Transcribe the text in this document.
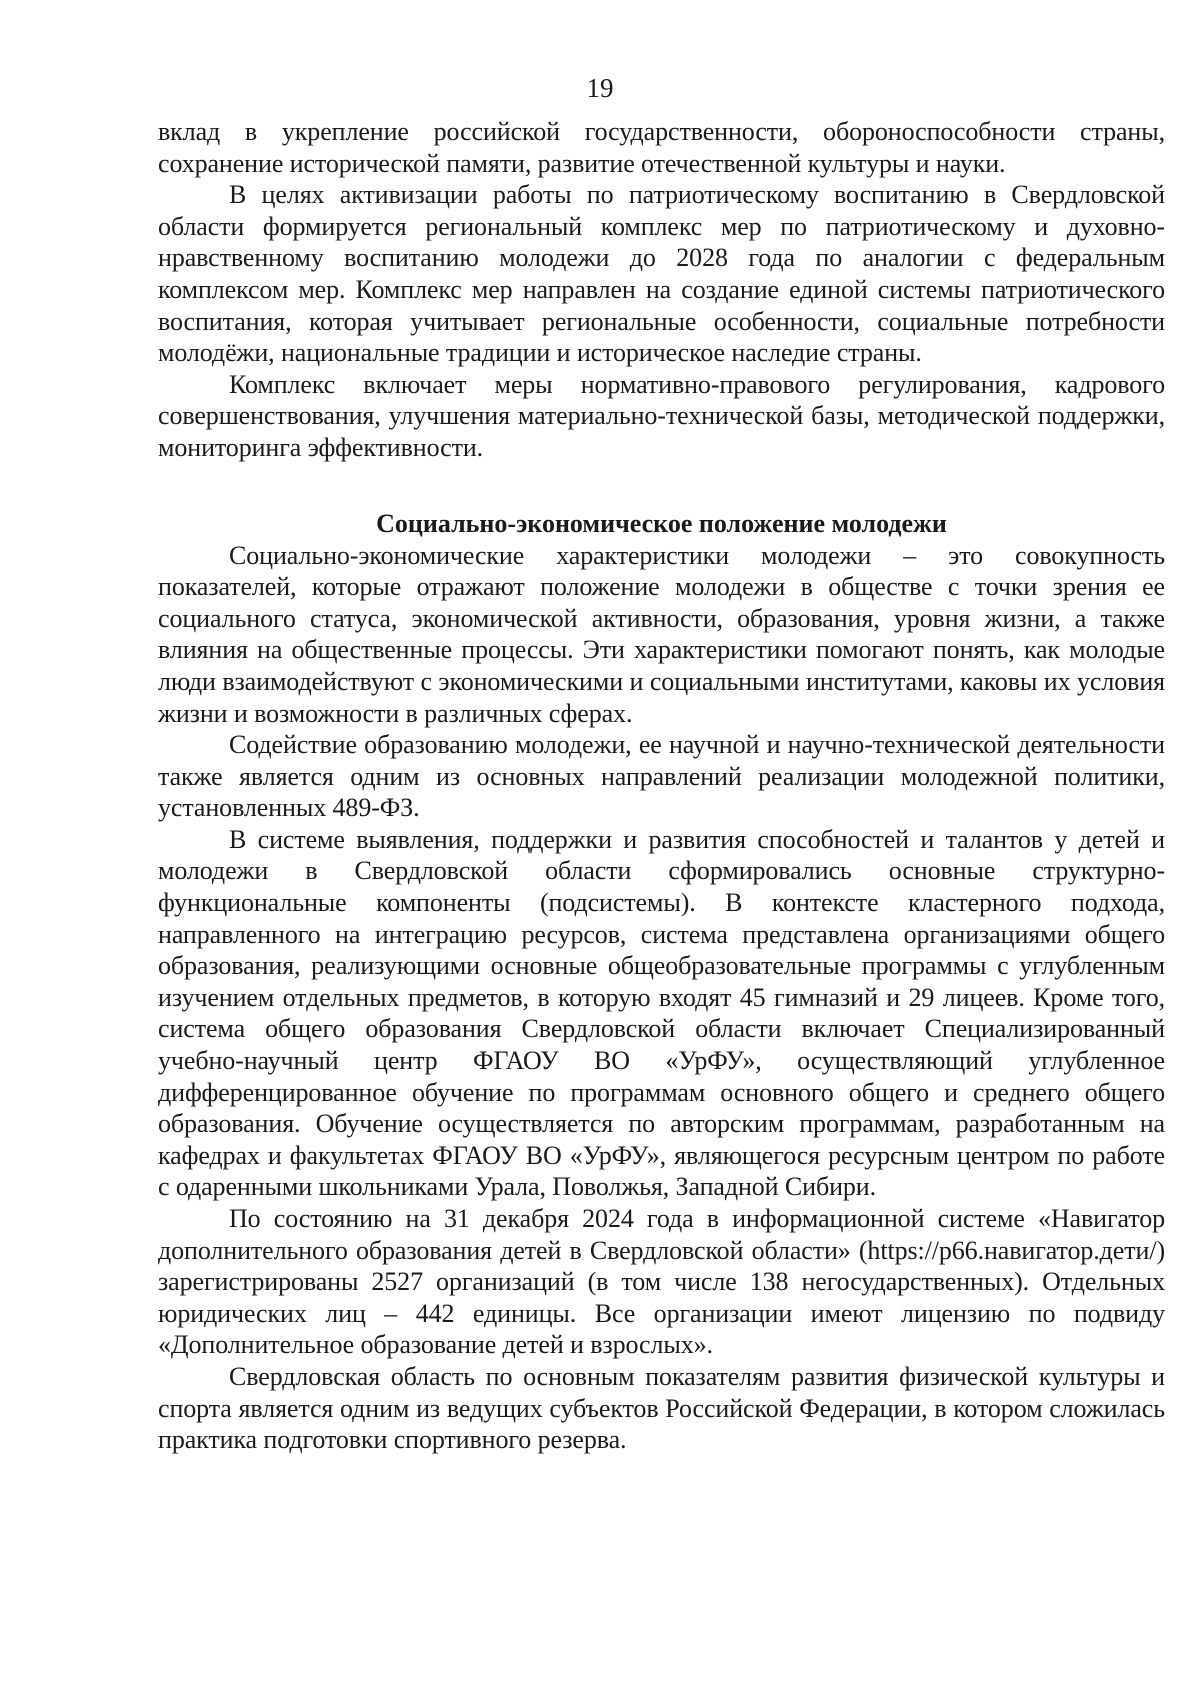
19

вклад в укрепление российской государственности, обороноспособности страны, сохранение исторической памяти, развитие отечественной культуры и науки.

В целях активизации работы по патриотическому воспитанию в Свердловской области формируется региональный комплекс мер по патриотическому и духовно-нравственному воспитанию молодежи до 2028 года по аналогии с федеральным комплексом мер. Комплекс мер направлен на создание единой системы патриотического воспитания, которая учитывает региональные особенности, социальные потребности молодёжи, национальные традиции и историческое наследие страны.

Комплекс включает меры нормативно-правового регулирования, кадрового совершенствования, улучшения материально-технической базы, методической поддержки, мониторинга эффективности.

Социально-экономическое положение молодежи

Социально-экономические характеристики молодежи – это совокупность показателей, которые отражают положение молодежи в обществе с точки зрения ее социального статуса, экономической активности, образования, уровня жизни, а также влияния на общественные процессы. Эти характеристики помогают понять, как молодые люди взаимодействуют с экономическими и социальными институтами, каковы их условия жизни и возможности в различных сферах.

Содействие образованию молодежи, ее научной и научно-технической деятельности также является одним из основных направлений реализации молодежной политики, установленных 489-ФЗ.

В системе выявления, поддержки и развития способностей и талантов у детей и молодежи в Свердловской области сформировались основные структурно-функциональные компоненты (подсистемы). В контексте кластерного подхода, направленного на интеграцию ресурсов, система представлена организациями общего образования, реализующими основные общеобразовательные программы с углубленным изучением отдельных предметов, в которую входят 45 гимназий и 29 лицеев. Кроме того, система общего образования Свердловской области включает Специализированный учебно-научный центр ФГАОУ ВО «УрФУ», осуществляющий углубленное дифференцированное обучение по программам основного общего и среднего общего образования. Обучение осуществляется по авторским программам, разработанным на кафедрах и факультетах ФГАОУ ВО «УрФУ», являющегося ресурсным центром по работе с одаренными школьниками Урала, Поволжья, Западной Сибири.

По состоянию на 31 декабря 2024 года в информационной системе «Навигатор дополнительного образования детей в Свердловской области» (https://р66.навигатор.дети/) зарегистрированы 2527 организаций (в том числе 138 негосударственных). Отдельных юридических лиц – 442 единицы. Все организации имеют лицензию по подвиду «Дополнительное образование детей и взрослых».

Свердловская область по основным показателям развития физической культуры и спорта является одним из ведущих субъектов Российской Федерации, в котором сложилась практика подготовки спортивного резерва.
